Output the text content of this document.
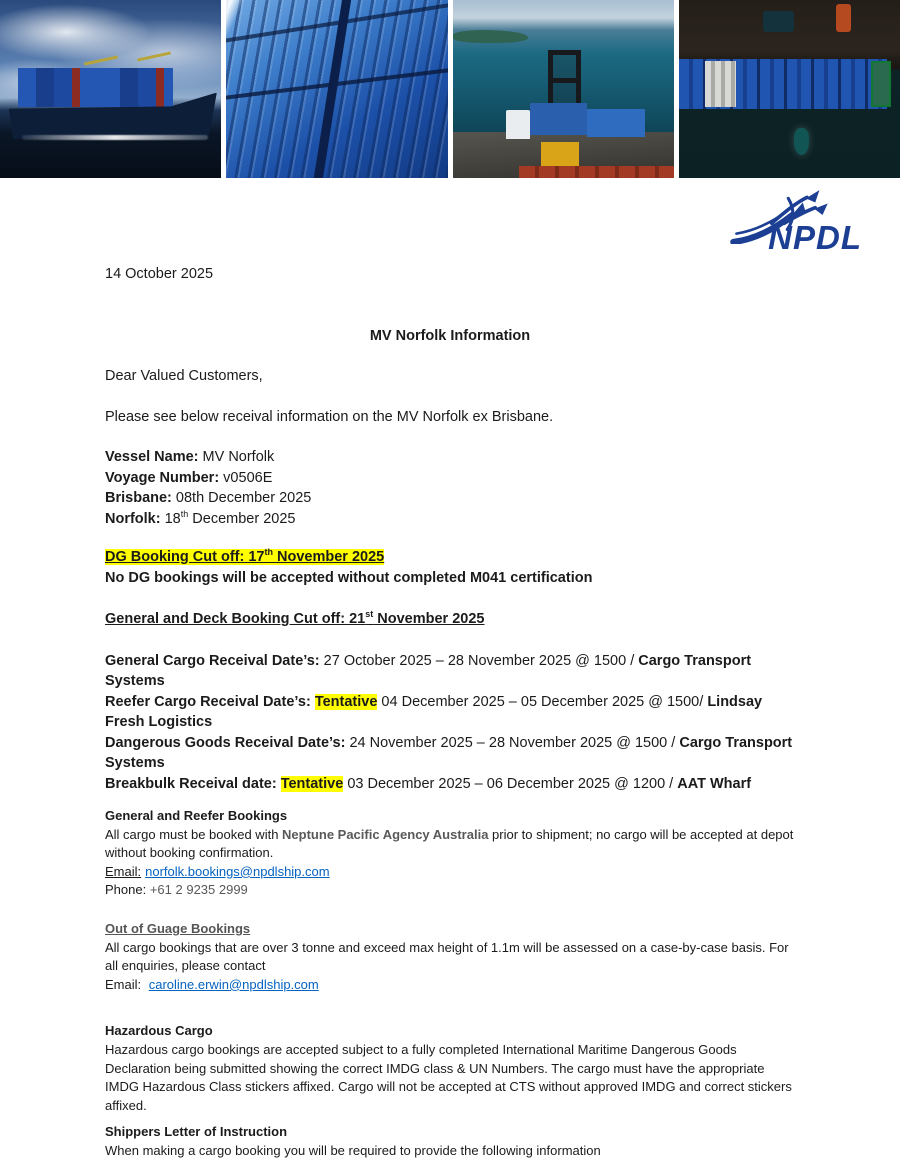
NPDL

14 October 2025

MV Norfolk Information

Dear Valued Customers,

Please see below receival information on the MV Norfolk ex Brisbane.

Vessel Name: MV Norfolk

Voyage Number: v0506E

Brisbane: 08th December 2025

Norfolk: 18th December 2025

DG Booking Cut off: 17th November 2025

No DG bookings will be accepted without completed M041 certification

General and Deck Booking Cut off: 21st November 2025

General Cargo Receival Date’s: 27 October 2025 – 28 November 2025 @ 1500 / Cargo Transport Systems

Reefer Cargo Receival Date’s: Tentative 04 December 2025 – 05 December 2025 @ 1500/ Lindsay Fresh Logistics

Dangerous Goods Receival Date’s: 24 November 2025 – 28 November 2025 @ 1500 / Cargo Transport Systems

Breakbulk Receival date: Tentative 03 December 2025 – 06 December 2025 @ 1200 / AAT Wharf

General and Reefer Bookings

All cargo must be booked with Neptune Pacific Agency Australia prior to shipment; no cargo will be accepted at depot without booking confirmation.

Email: norfolk.bookings@npdlship.com

Phone: +61 2 9235 2999

Out of Guage Bookings

All cargo bookings that are over 3 tonne and exceed max height of 1.1m will be assessed on a case-by-case basis. For all enquiries, please contact

Email: caroline.erwin@npdlship.com

Hazardous Cargo

Hazardous cargo bookings are accepted subject to a fully completed International Maritime Dangerous Goods Declaration being submitted showing the correct IMDG class & UN Numbers. The cargo must have the appropriate IMDG Hazardous Class stickers affixed. Cargo will not be accepted at CTS without approved IMDG and correct stickers affixed.

Shippers Letter of Instruction

When making a cargo booking you will be required to provide the following information
